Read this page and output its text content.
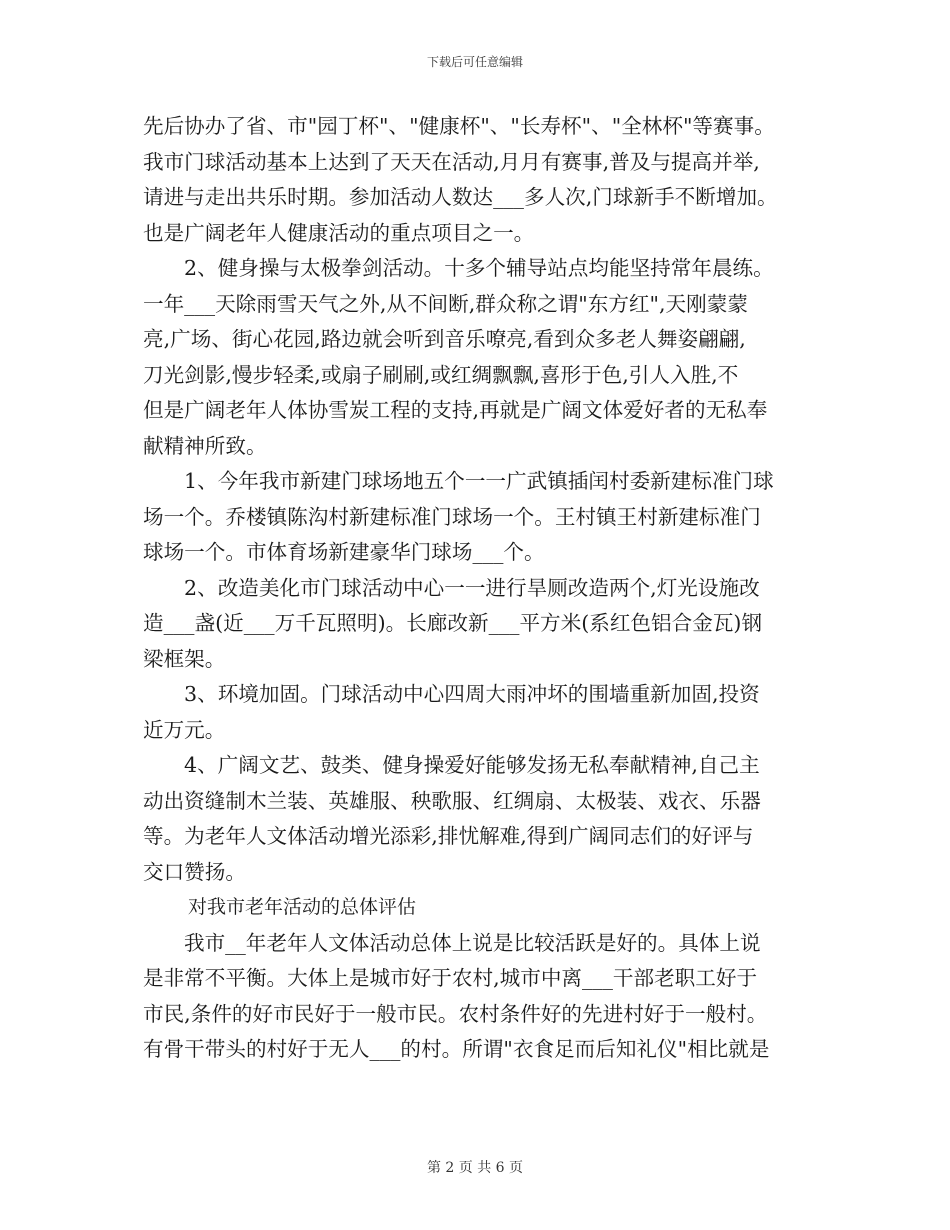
下载后可任意编辑
先后协办了省、市"园丁杯"、"健康杯"、"长寿杯"、"全林杯"等赛事。
我市门球活动基本上达到了天天在活动,月月有赛事,普及与提高并举,
请进与走出共乐时期。参加活动人数达___多人次,门球新手不断增加。
也是广阔老年人健康活动的重点项目之一。
2、健身操与太极拳剑活动。十多个辅导站点均能坚持常年晨练。
一年___天除雨雪天气之外,从不间断,群众称之谓"东方红",天刚蒙蒙
亮,广场、街心花园,路边就会听到音乐嘹亮,看到众多老人舞姿翩翩,
刀光剑影,慢步轻柔,或扇子刷刷,或红绸飘飘,喜形于色,引人入胜,不
但是广阔老年人体协雪炭工程的支持,再就是广阔文体爱好者的无私奉
献精神所致。
1、今年我市新建门球场地五个一一广武镇插闰村委新建标准门球
场一个。乔楼镇陈沟村新建标准门球场一个。王村镇王村新建标准门
球场一个。市体育场新建豪华门球场___个。
2、改造美化市门球活动中心一一进行旱厕改造两个,灯光设施改
造___盏(近___万千瓦照明)。长廊改新___平方米(系红色铝合金瓦)钢
梁框架。
3、环境加固。门球活动中心四周大雨冲坏的围墙重新加固,投资
近万元。
4、广阔文艺、鼓类、健身操爱好能够发扬无私奉献精神,自己主
动出资缝制木兰装、英雄服、秧歌服、红绸扇、太极装、戏衣、乐器
等。为老年人文体活动增光添彩,排忧解难,得到广阔同志们的好评与
交口赞扬。
对我市老年活动的总体评估
我市__年老年人文体活动总体上说是比较活跃是好的。具体上说
是非常不平衡。大体上是城市好于农村,城市中离___干部老职工好于
市民,条件的好市民好于一般市民。农村条件好的先进村好于一般村。
有骨干带头的村好于无人___的村。所谓"衣食足而后知礼仪"相比就是
第 2 页 共 6 页
